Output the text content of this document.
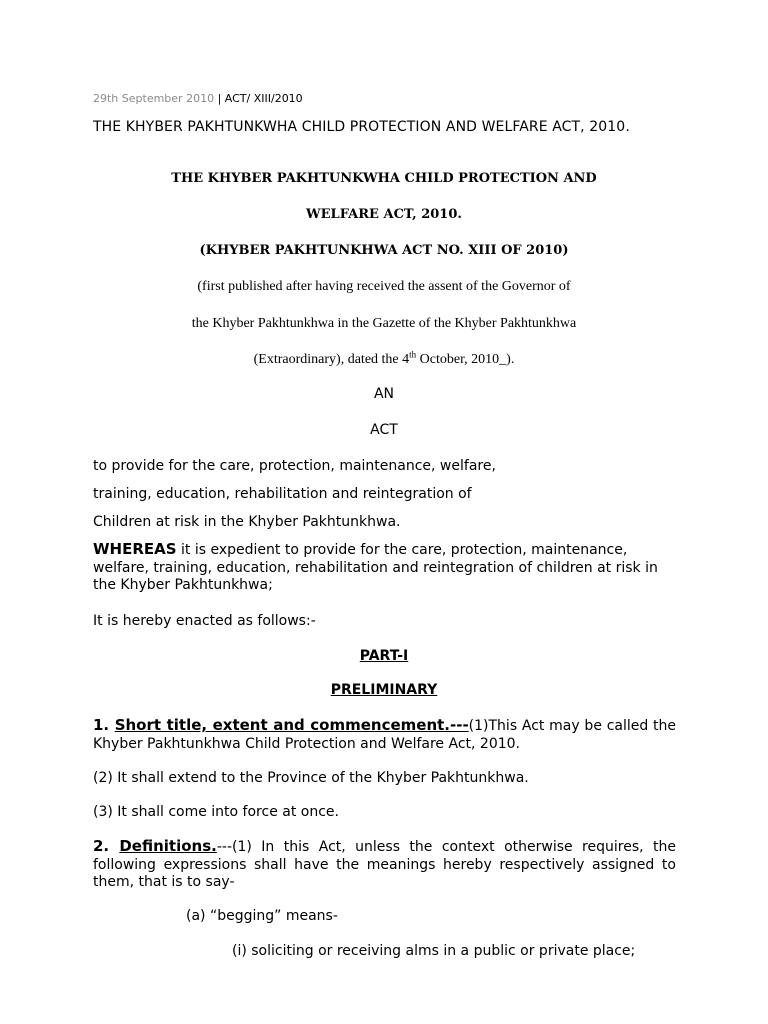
29th September 2010 | ACT/ XIII/2010
THE KHYBER PAKHTUNKWHA CHILD PROTECTION AND WELFARE ACT, 2010.
THE KHYBER PAKHTUNKWHA CHILD PROTECTION AND
WELFARE ACT, 2010.
(KHYBER PAKHTUNKHWA ACT NO. XIII OF 2010)
(first published after having received the assent of the Governor of
the Khyber Pakhtunkhwa in the Gazette of the Khyber Pakhtunkhwa
(Extraordinary), dated the 4th October, 2010_).
AN
ACT
to provide for the care, protection, maintenance, welfare,
training, education, rehabilitation and reintegration of
Children at risk in the Khyber Pakhtunkhwa.
WHEREAS it is expedient to provide for the care, protection, maintenance, welfare, training, education, rehabilitation and reintegration of children at risk in the Khyber Pakhtunkhwa;
It is hereby enacted as follows:-
PART-I
PRELIMINARY
1. Short title, extent and commencement.---(1)This Act may be called the Khyber Pakhtunkhwa Child Protection and Welfare Act, 2010.
(2) It shall extend to the Province of the Khyber Pakhtunkhwa.
(3) It shall come into force at once.
2. Definitions.---(1) In this Act, unless the context otherwise requires, the following expressions shall have the meanings hereby respectively assigned to them, that is to say-
(a) “begging” means-
(i) soliciting or receiving alms in a public or private place;
